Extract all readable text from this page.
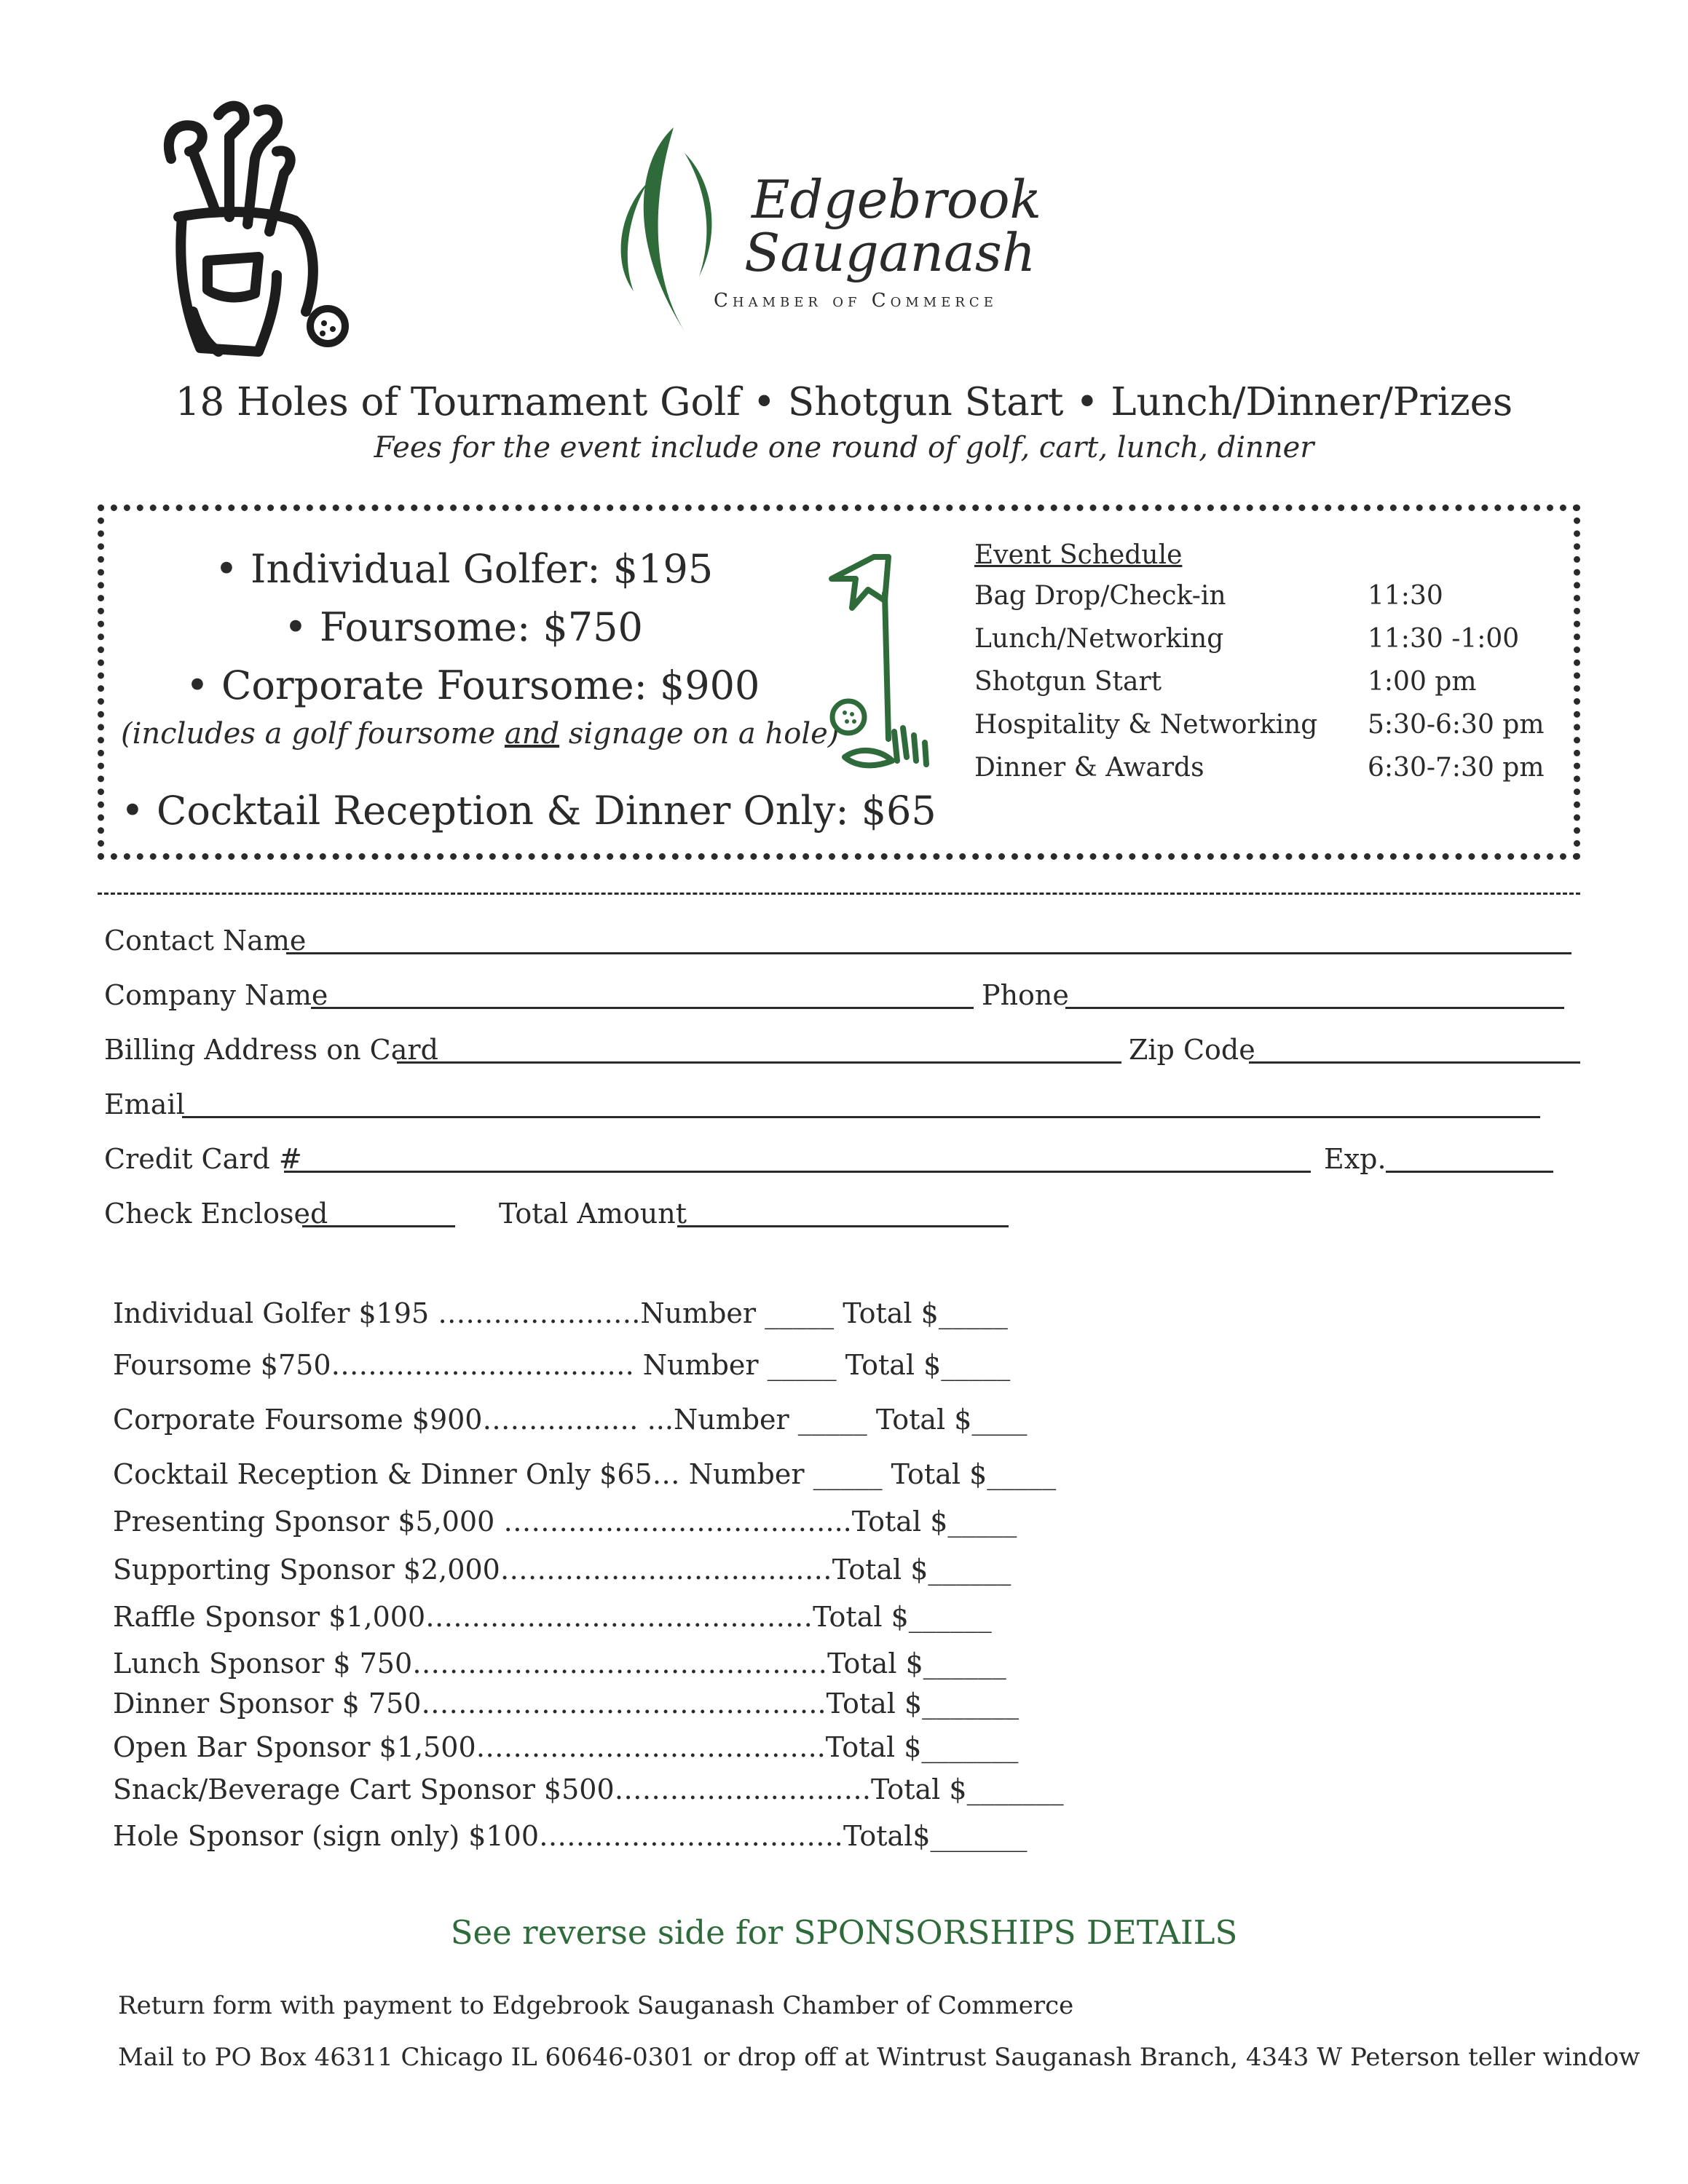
Edgebrook
Sauganash
Chamber of Commerce
18 Holes of Tournament Golf • Shotgun Start • Lunch/Dinner/Prizes
Fees for the event include one round of golf, cart, lunch, dinner
• Individual Golfer: $195
• Foursome: $750
• Corporate Foursome: $900
(includes a golf foursome and signage on a hole)
• Cocktail Reception & Dinner Only: $65
Event Schedule
Bag Drop/Check-in	11:30
Lunch/Networking	11:30 -1:00
Shotgun Start	1:00 pm
Hospitality & Networking 5:30-6:30 pm
Dinner & Awards	6:30-7:30 pm
Contact Name
Company Name	Phone
Billing Address on Card	Zip Code
Email
Credit Card #	Exp.
Check Enclosed	Total Amount
Individual Golfer $195 ………………….Number _____ Total $_____
Foursome $750……………………..……. Number _____ Total $_____
Corporate Foursome $900…………..… ...Number _____ Total $____
Cocktail Reception & Dinner Only $65… Number _____ Total $_____
Presenting Sponsor $5,000 …………..…………………...Total $_____
Supporting Sponsor $2,000………………………………Total $______
Raffle Sponsor $1,000……………………………………Total $______
Lunch Sponsor $ 750………………………………………Total $______
Dinner Sponsor $ 750……………………………………..Total $_______
Open Bar Sponsor $1,500………………………………..Total $_______
Snack/Beverage Cart Sponsor $500……………...……….Total $_______
Hole Sponsor (sign only) $100……………………………Total$_______
See reverse side for SPONSORSHIPS DETAILS
Return form with payment to Edgebrook Sauganash Chamber of Commerce
Mail to PO Box 46311 Chicago IL 60646-0301 or drop off at Wintrust Sauganash Branch, 4343 W Peterson teller window
